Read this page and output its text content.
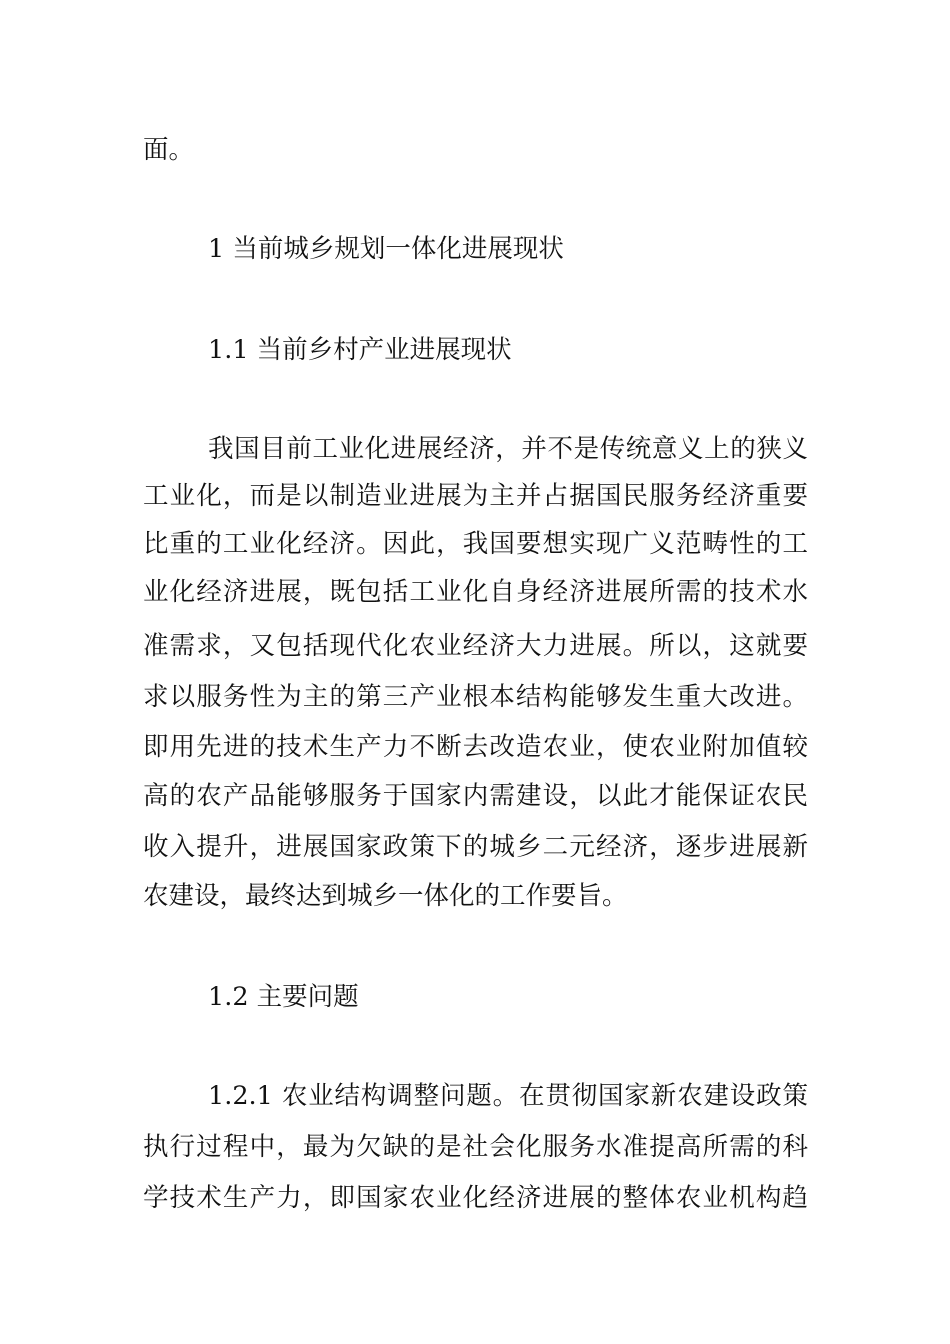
面。
1 当前城乡规划一体化进展现状
1.1 当前乡村产业进展现状
我国目前工业化进展经济，并不是传统意义上的狭义
工业化，而是以制造业进展为主并占据国民服务经济重要
比重的工业化经济。因此，我国要想实现广义范畴性的工
业化经济进展，既包括工业化自身经济进展所需的技术水
准需求，又包括现代化农业经济大力进展。所以，这就要
求以服务性为主的第三产业根本结构能够发生重大改进。
即用先进的技术生产力不断去改造农业，使农业附加值较
高的农产品能够服务于国家内需建设，以此才能保证农民
收入提升，进展国家政策下的城乡二元经济，逐步进展新
农建设，最终达到城乡一体化的工作要旨。
1.2 主要问题
1.2.1 农业结构调整问题。在贯彻国家新农建设政策
执行过程中，最为欠缺的是社会化服务水准提高所需的科
学技术生产力，即国家农业化经济进展的整体农业机构趋
